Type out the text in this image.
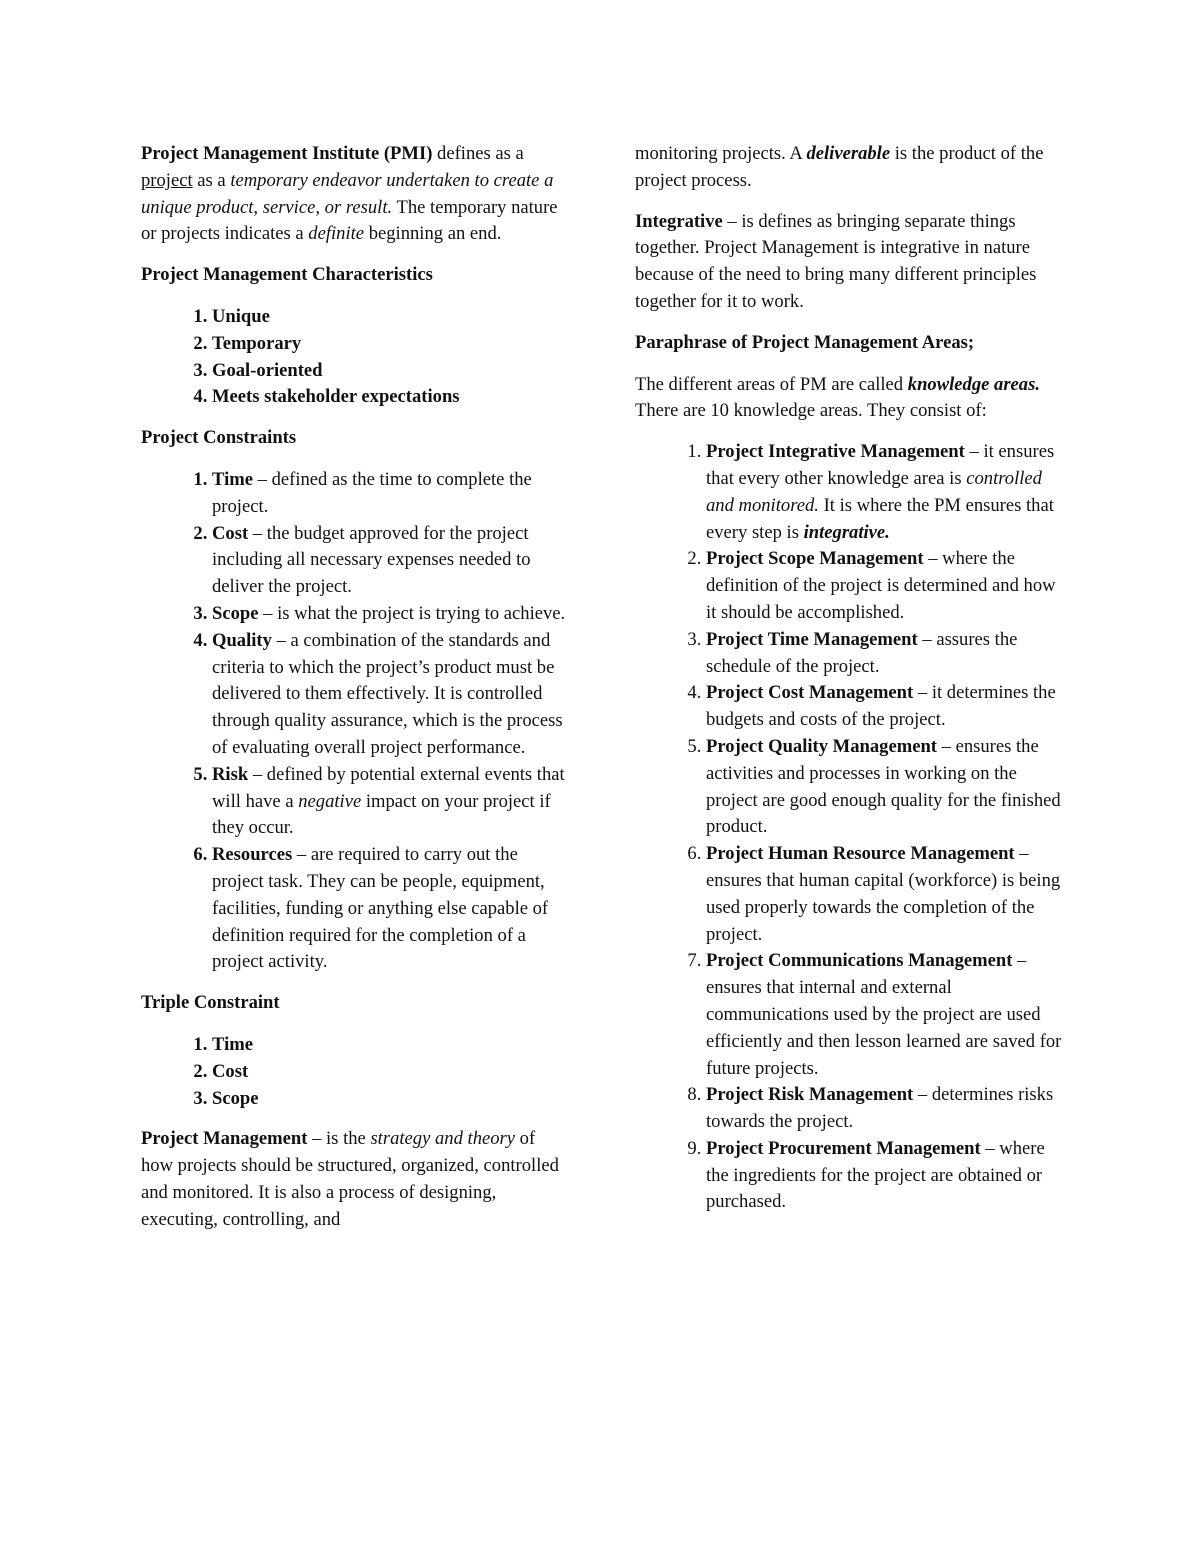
Project Management Institute (PMI) defines as a project as a temporary endeavor undertaken to create a unique product, service, or result. The temporary nature or projects indicates a definite beginning an end.

Project Management Characteristics

1. Unique
2. Temporary
3. Goal-oriented
4. Meets stakeholder expectations

Project Constraints

1. Time – defined as the time to complete the project.
2. Cost – the budget approved for the project including all necessary expenses needed to deliver the project.
3. Scope – is what the project is trying to achieve.
4. Quality – a combination of the standards and criteria to which the project’s product must be delivered to them effectively. It is controlled through quality assurance, which is the process of evaluating overall project performance.
5. Risk – defined by potential external events that will have a negative impact on your project if they occur.
6. Resources – are required to carry out the project task. They can be people, equipment, facilities, funding or anything else capable of definition required for the completion of a project activity.

Triple Constraint

1. Time
2. Cost
3. Scope

Project Management – is the strategy and theory of how projects should be structured, organized, controlled and monitored. It is also a process of designing, executing, controlling, and

monitoring projects. A deliverable is the product of the project process.

Integrative – is defines as bringing separate things together. Project Management is integrative in nature because of the need to bring many different principles together for it to work.

Paraphrase of Project Management Areas;

The different areas of PM are called knowledge areas. There are 10 knowledge areas. They consist of:

1. Project Integrative Management – it ensures that every other knowledge area is controlled and monitored. It is where the PM ensures that every step is integrative.
2. Project Scope Management – where the definition of the project is determined and how it should be accomplished.
3. Project Time Management – assures the schedule of the project.
4. Project Cost Management – it determines the budgets and costs of the project.
5. Project Quality Management – ensures the activities and processes in working on the project are good enough quality for the finished product.
6. Project Human Resource Management – ensures that human capital (workforce) is being used properly towards the completion of the project.
7. Project Communications Management – ensures that internal and external communications used by the project are used efficiently and then lesson learned are saved for future projects.
8. Project Risk Management – determines risks towards the project.
9. Project Procurement Management – where the ingredients for the project are obtained or purchased.
